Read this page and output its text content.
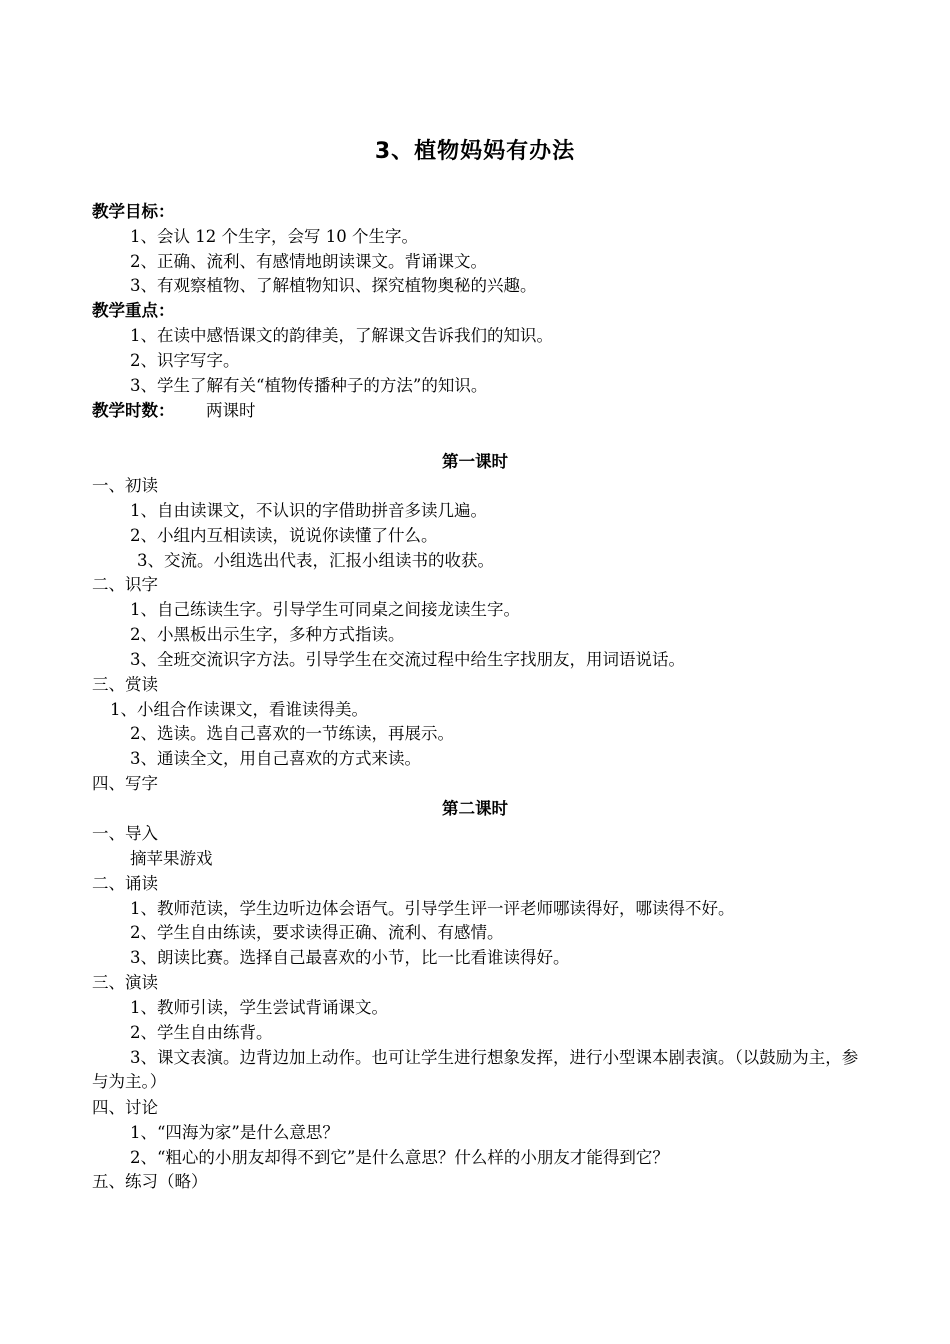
3、植物妈妈有办法
教学目标：
1、会认 12 个生字，会写 10 个生字。
2、正确、流利、有感情地朗读课文。背诵课文。
3、有观察植物、了解植物知识、探究植物奥秘的兴趣。
教学重点：
1、在读中感悟课文的韵律美，了解课文告诉我们的知识。
2、识字写字。
3、学生了解有关“植物传播种子的方法”的知识。
教学时数： 两课时
第一课时
一、初读
1、自由读课文，不认识的字借助拼音多读几遍。
2、小组内互相读读，说说你读懂了什么。
3、交流。小组选出代表，汇报小组读书的收获。
二、识字
1、自己练读生字。引导学生可同桌之间接龙读生字。
2、小黑板出示生字，多种方式指读。
3、全班交流识字方法。引导学生在交流过程中给生字找朋友，用词语说话。
三、赏读
1、小组合作读课文，看谁读得美。
2、选读。选自己喜欢的一节练读，再展示。
3、通读全文，用自己喜欢的方式来读。
四、写字
第二课时
一、导入
摘苹果游戏
二、诵读
1、教师范读，学生边听边体会语气。引导学生评一评老师哪读得好，哪读得不好。
2、学生自由练读，要求读得正确、流利、有感情。
3、朗读比赛。选择自己最喜欢的小节，比一比看谁读得好。
三、演读
1、教师引读，学生尝试背诵课文。
2、学生自由练背。
3、课文表演。边背边加上动作。也可让学生进行想象发挥，进行小型课本剧表演。（以鼓励为主，参与为主。）
四、讨论
1、“四海为家”是什么意思？
2、“粗心的小朋友却得不到它”是什么意思？什么样的小朋友才能得到它？
五、练习（略）
